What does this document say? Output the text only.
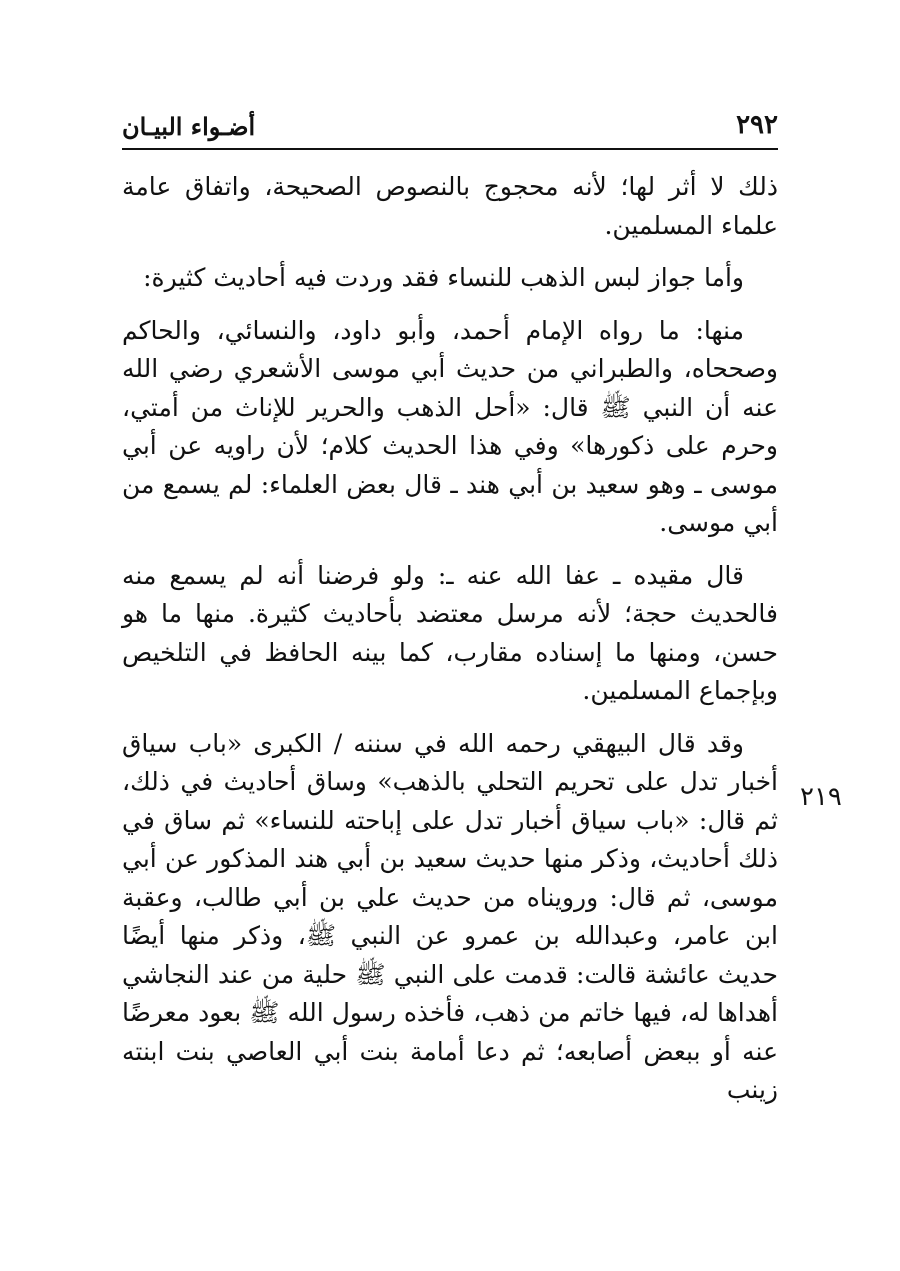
٢٩٢
أضـواء البيـان

ذلك لا أثر لها؛ لأنه محجوج بالنصوص الصحيحة، واتفاق عامة علماء المسلمين.

وأما جواز لبس الذهب للنساء فقد وردت فيه أحاديث كثيرة:

منها: ما رواه الإمام أحمد، وأبو داود، والنسائي، والحاكم وصححاه، والطبراني من حديث أبي موسى الأشعري رضي الله عنه أن النبي ﷺ قال: «أحل الذهب والحرير للإناث من أمتي، وحرم على ذكورها» وفي هذا الحديث كلام؛ لأن راويه عن أبي موسى ـ وهو سعيد بن أبي هند ـ قال بعض العلماء: لم يسمع من أبي موسى.

قال مقيده ـ عفا الله عنه ـ: ولو فرضنا أنه لم يسمع منه فالحديث حجة؛ لأنه مرسل معتضد بأحاديث كثيرة. منها ما هو حسن، ومنها ما إسناده مقارب، كما بينه الحافظ في التلخيص وبإجماع المسلمين.

وقد قال البيهقي رحمه الله في سننه / الكبرى «باب سياق أخبار تدل على تحريم التحلي بالذهب» وساق أحاديث في ذلك، ثم قال: «باب سياق أخبار تدل على إباحته للنساء» ثم ساق في ذلك أحاديث، وذكر منها حديث سعيد بن أبي هند المذكور عن أبي موسى، ثم قال: ورويناه من حديث علي بن أبي طالب، وعقبة ابن عامر، وعبدالله بن عمرو عن النبي ﷺ، وذكر منها أيضًا حديث عائشة قالت: قدمت على النبي ﷺ حلية من عند النجاشي أهداها له، فيها خاتم من ذهب، فأخذه رسول الله ﷺ بعود معرضًا عنه أو ببعض أصابعه؛ ثم دعا أمامة بنت أبي العاصي بنت ابنته زينب

٢١٩
